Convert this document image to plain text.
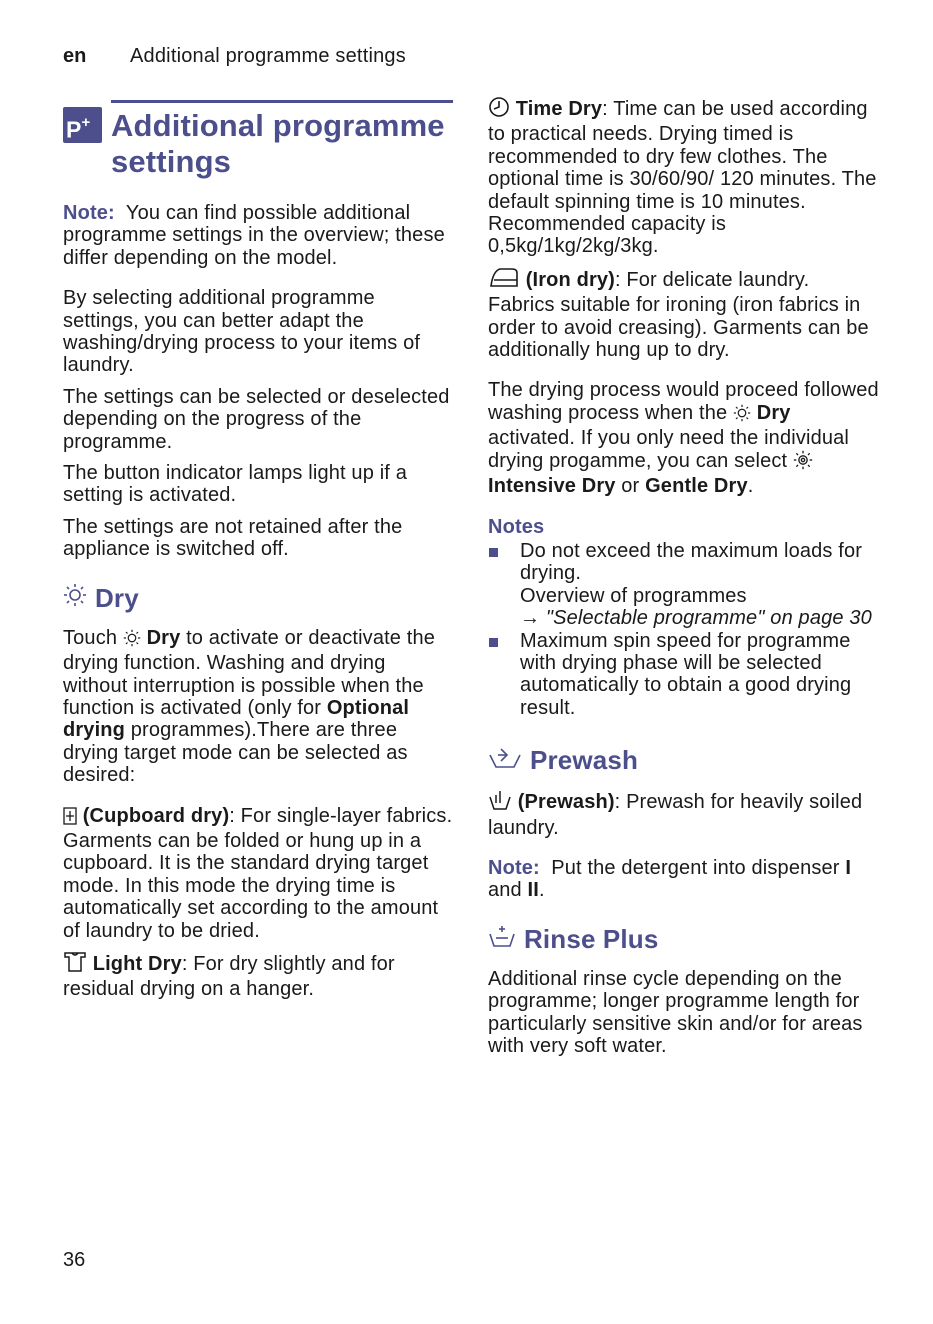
en Additional programme settings
P+ Additional programme
settings

Note: You can find possible additional programme settings in the overview; these differ depending on the model.

By selecting additional programme settings, you can better adapt the washing/drying process to your items of laundry.

The settings can be selected or deselected depending on the progress of the programme.

The button indicator lamps light up if a setting is activated.

The settings are not retained after the appliance is switched off.

Dry

Touch Dry to activate or deactivate the drying function. Washing and drying without interruption is possible when the function is activated (only for Optional drying programmes).There are three drying target mode can be selected as desired:

(Cupboard dry): For single-layer fabrics. Garments can be folded or hung up in a cupboard. It is the standard drying target mode. In this mode the drying time is automatically set according to the amount of laundry to be dried.

Light Dry: For dry slightly and for residual drying on a hanger.

Time Dry: Time can be used according to practical needs. Drying timed is recommended to dry few clothes. The optional time is 30/60/90/ 120 minutes. The default spinning time is 10 minutes. Recommended capacity is 0,5kg/1kg/2kg/3kg.

(Iron dry): For delicate laundry. Fabrics suitable for ironing (iron fabrics in order to avoid creasing). Garments can be additionally hung up to dry.

The drying process would proceed followed washing process when the Dry activated. If you only need the individual drying progamme, you can select  Intensive Dry or Gentle Dry.

Notes
Do not exceed the maximum loads for drying.
Overview of programmes
→ "Selectable programme" on page 30
Maximum spin speed for programme with drying phase will be selected automatically to obtain a good drying result.
Prewash

(Prewash): Prewash for heavily soiled laundry.

Note: Put the detergent into dispenser I and II.

Rinse Plus

Additional rinse cycle depending on the programme; longer programme length for particularly sensitive skin and/or for areas with very soft water.

36
